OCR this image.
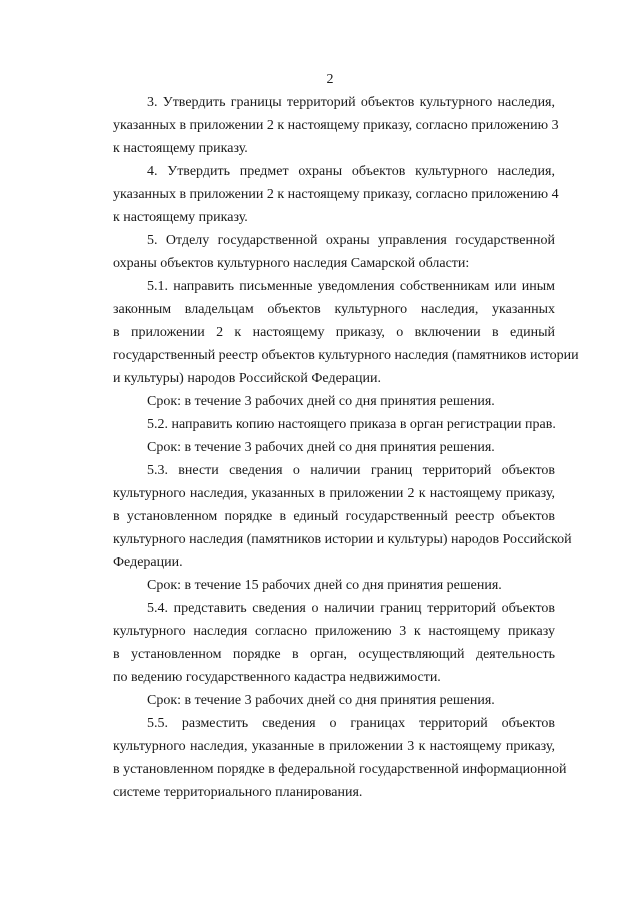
2
3. Утвердить границы территорий объектов культурного наследия,
указанных в приложении 2 к настоящему приказу, согласно приложению 3
к настоящему приказу.
4. Утвердить предмет охраны объектов культурного наследия,
указанных в приложении 2 к настоящему приказу, согласно приложению 4
к настоящему приказу.
5. Отделу государственной охраны управления государственной
охраны объектов культурного наследия Самарской области:
5.1. направить письменные уведомления собственникам или иным
законным владельцам объектов культурного наследия, указанных
в приложении 2 к настоящему приказу, о включении в единый
государственный реестр объектов культурного наследия (памятников истории
и культуры) народов Российской Федерации.
Срок: в течение 3 рабочих дней со дня принятия решения.
5.2. направить копию настоящего приказа в орган регистрации прав.
Срок: в течение 3 рабочих дней со дня принятия решения.
5.3. внести сведения о наличии границ территорий объектов
культурного наследия, указанных в приложении 2 к настоящему приказу,
в установленном порядке в единый государственный реестр объектов
культурного наследия (памятников истории и культуры) народов Российской
Федерации.
Срок: в течение 15 рабочих дней со дня принятия решения.
5.4. представить сведения о наличии границ территорий объектов
культурного наследия согласно приложению 3 к настоящему приказу
в установленном порядке в орган, осуществляющий деятельность
по ведению государственного кадастра недвижимости.
Срок: в течение 3 рабочих дней со дня принятия решения.
5.5. разместить сведения о границах территорий объектов
культурного наследия, указанные в приложении 3 к настоящему приказу,
в установленном порядке в федеральной государственной информационной
системе территориального планирования.
